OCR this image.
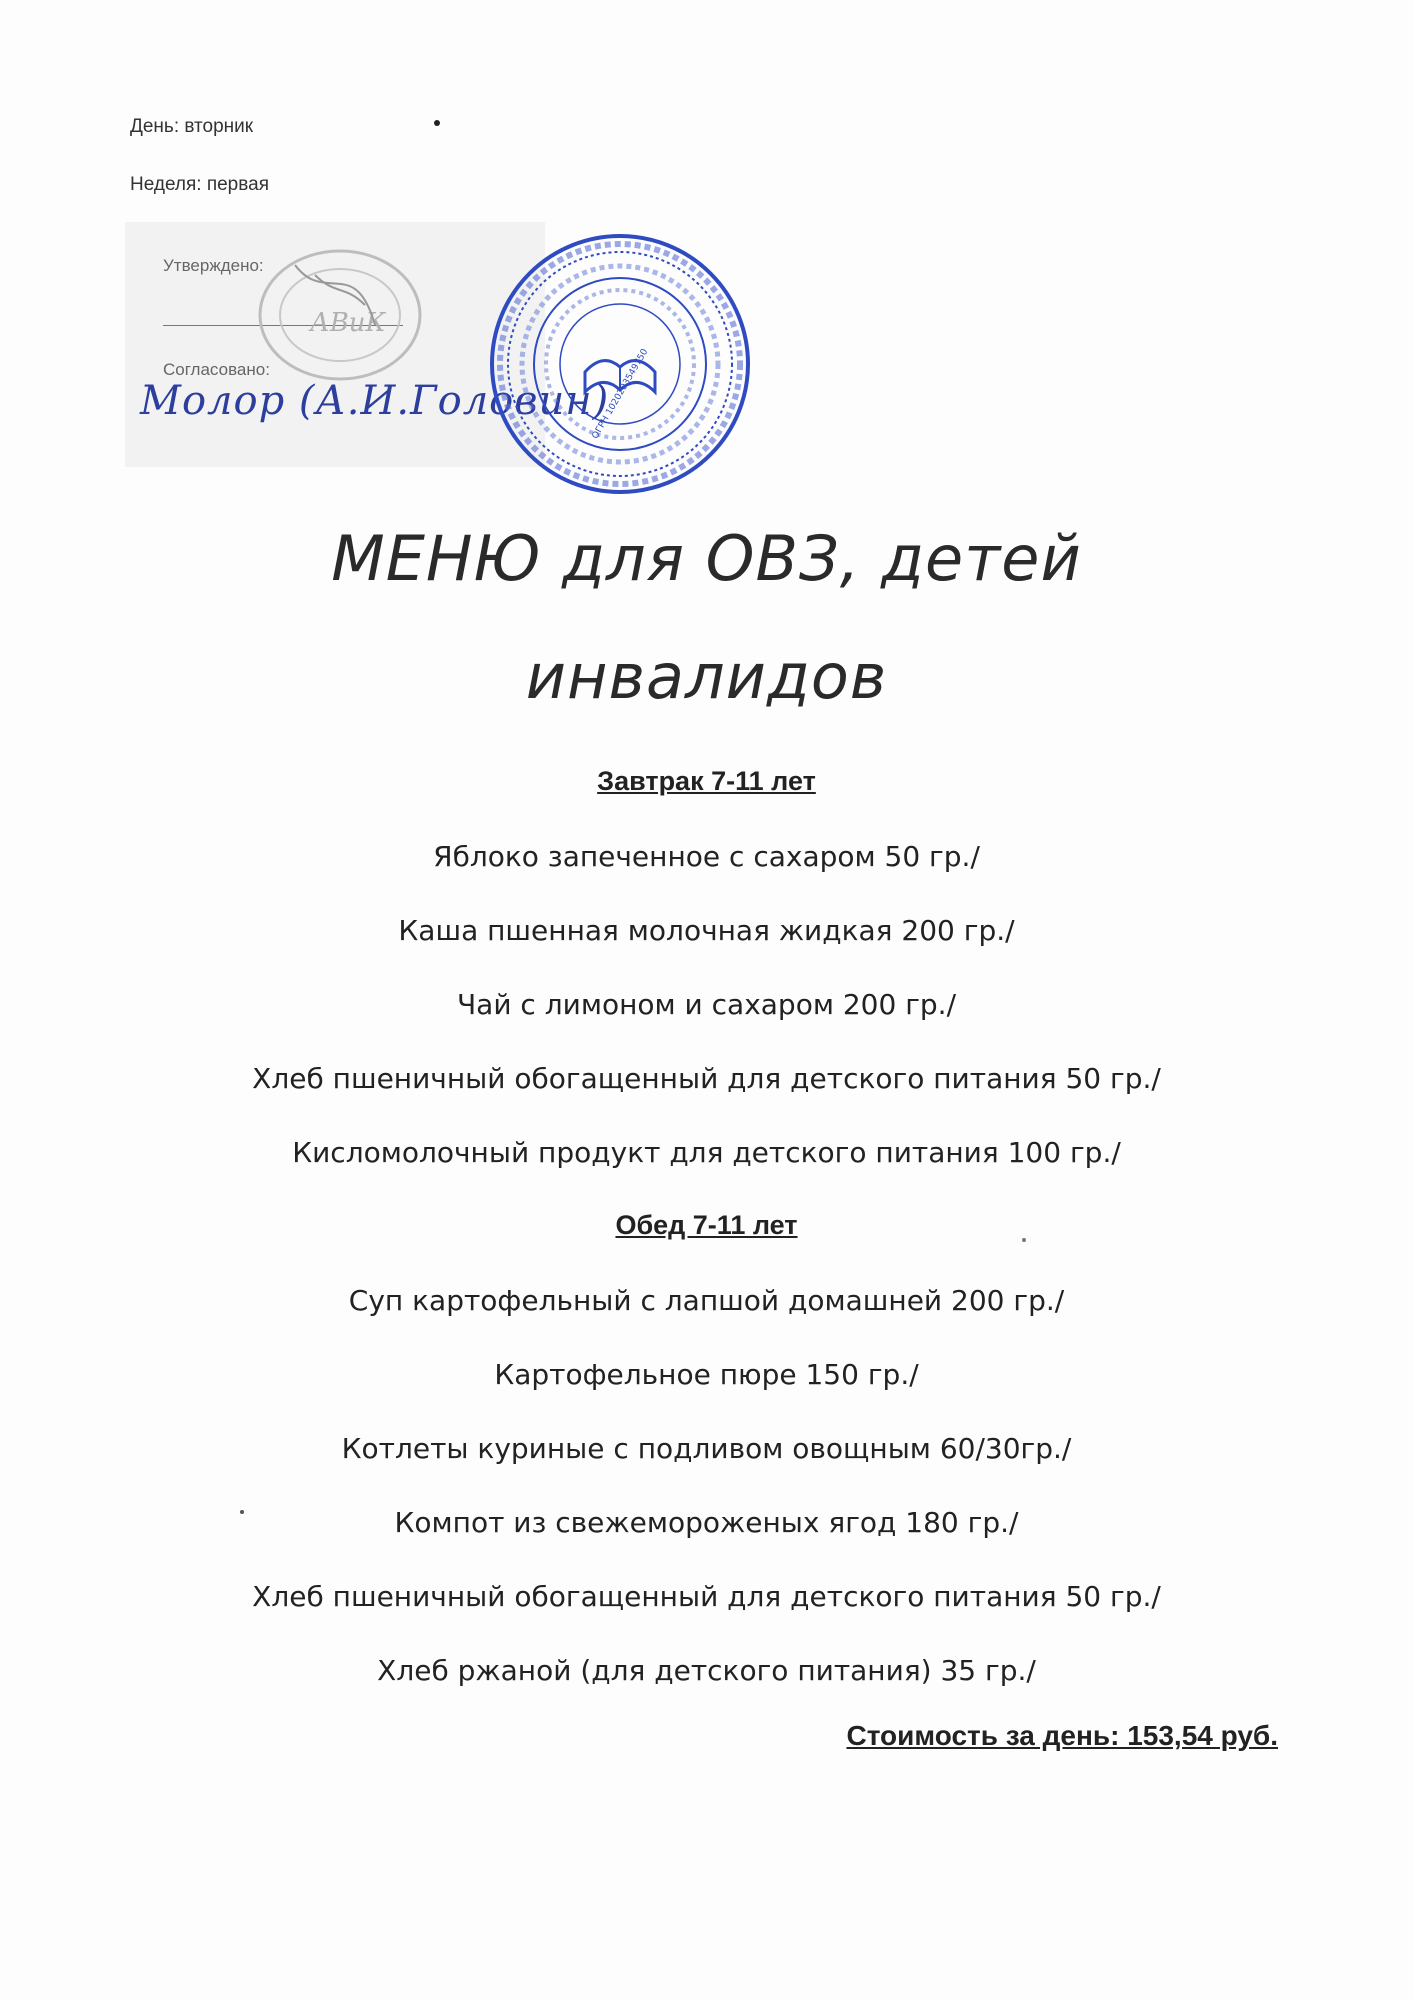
День: вторник
Неделя: первая
Утверждено:
Согласовано:
АВиК
Молор (А.И.Головин)
ОГРН 1020203549750
МЕНЮ для ОВЗ, детей
инвалидов
Завтрак 7-11 лет
Яблоко запеченное с сахаром 50 гр./
Каша пшенная молочная жидкая 200 гр./
Чай с лимоном и сахаром 200 гр./
Хлеб пшеничный обогащенный для детского питания 50 гр./
Кисломолочный продукт для детского питания 100 гр./
Обед 7-11 лет
Суп картофельный с лапшой домашней 200 гр./
Картофельное пюре 150 гр./
Котлеты куриные с подливом овощным 60/30гр./
Компот из свежемороженых ягод 180 гр./
Хлеб пшеничный обогащенный для детского питания 50 гр./
Хлеб ржаной (для детского питания) 35 гр./
Стоимость за день: 153,54 руб.
